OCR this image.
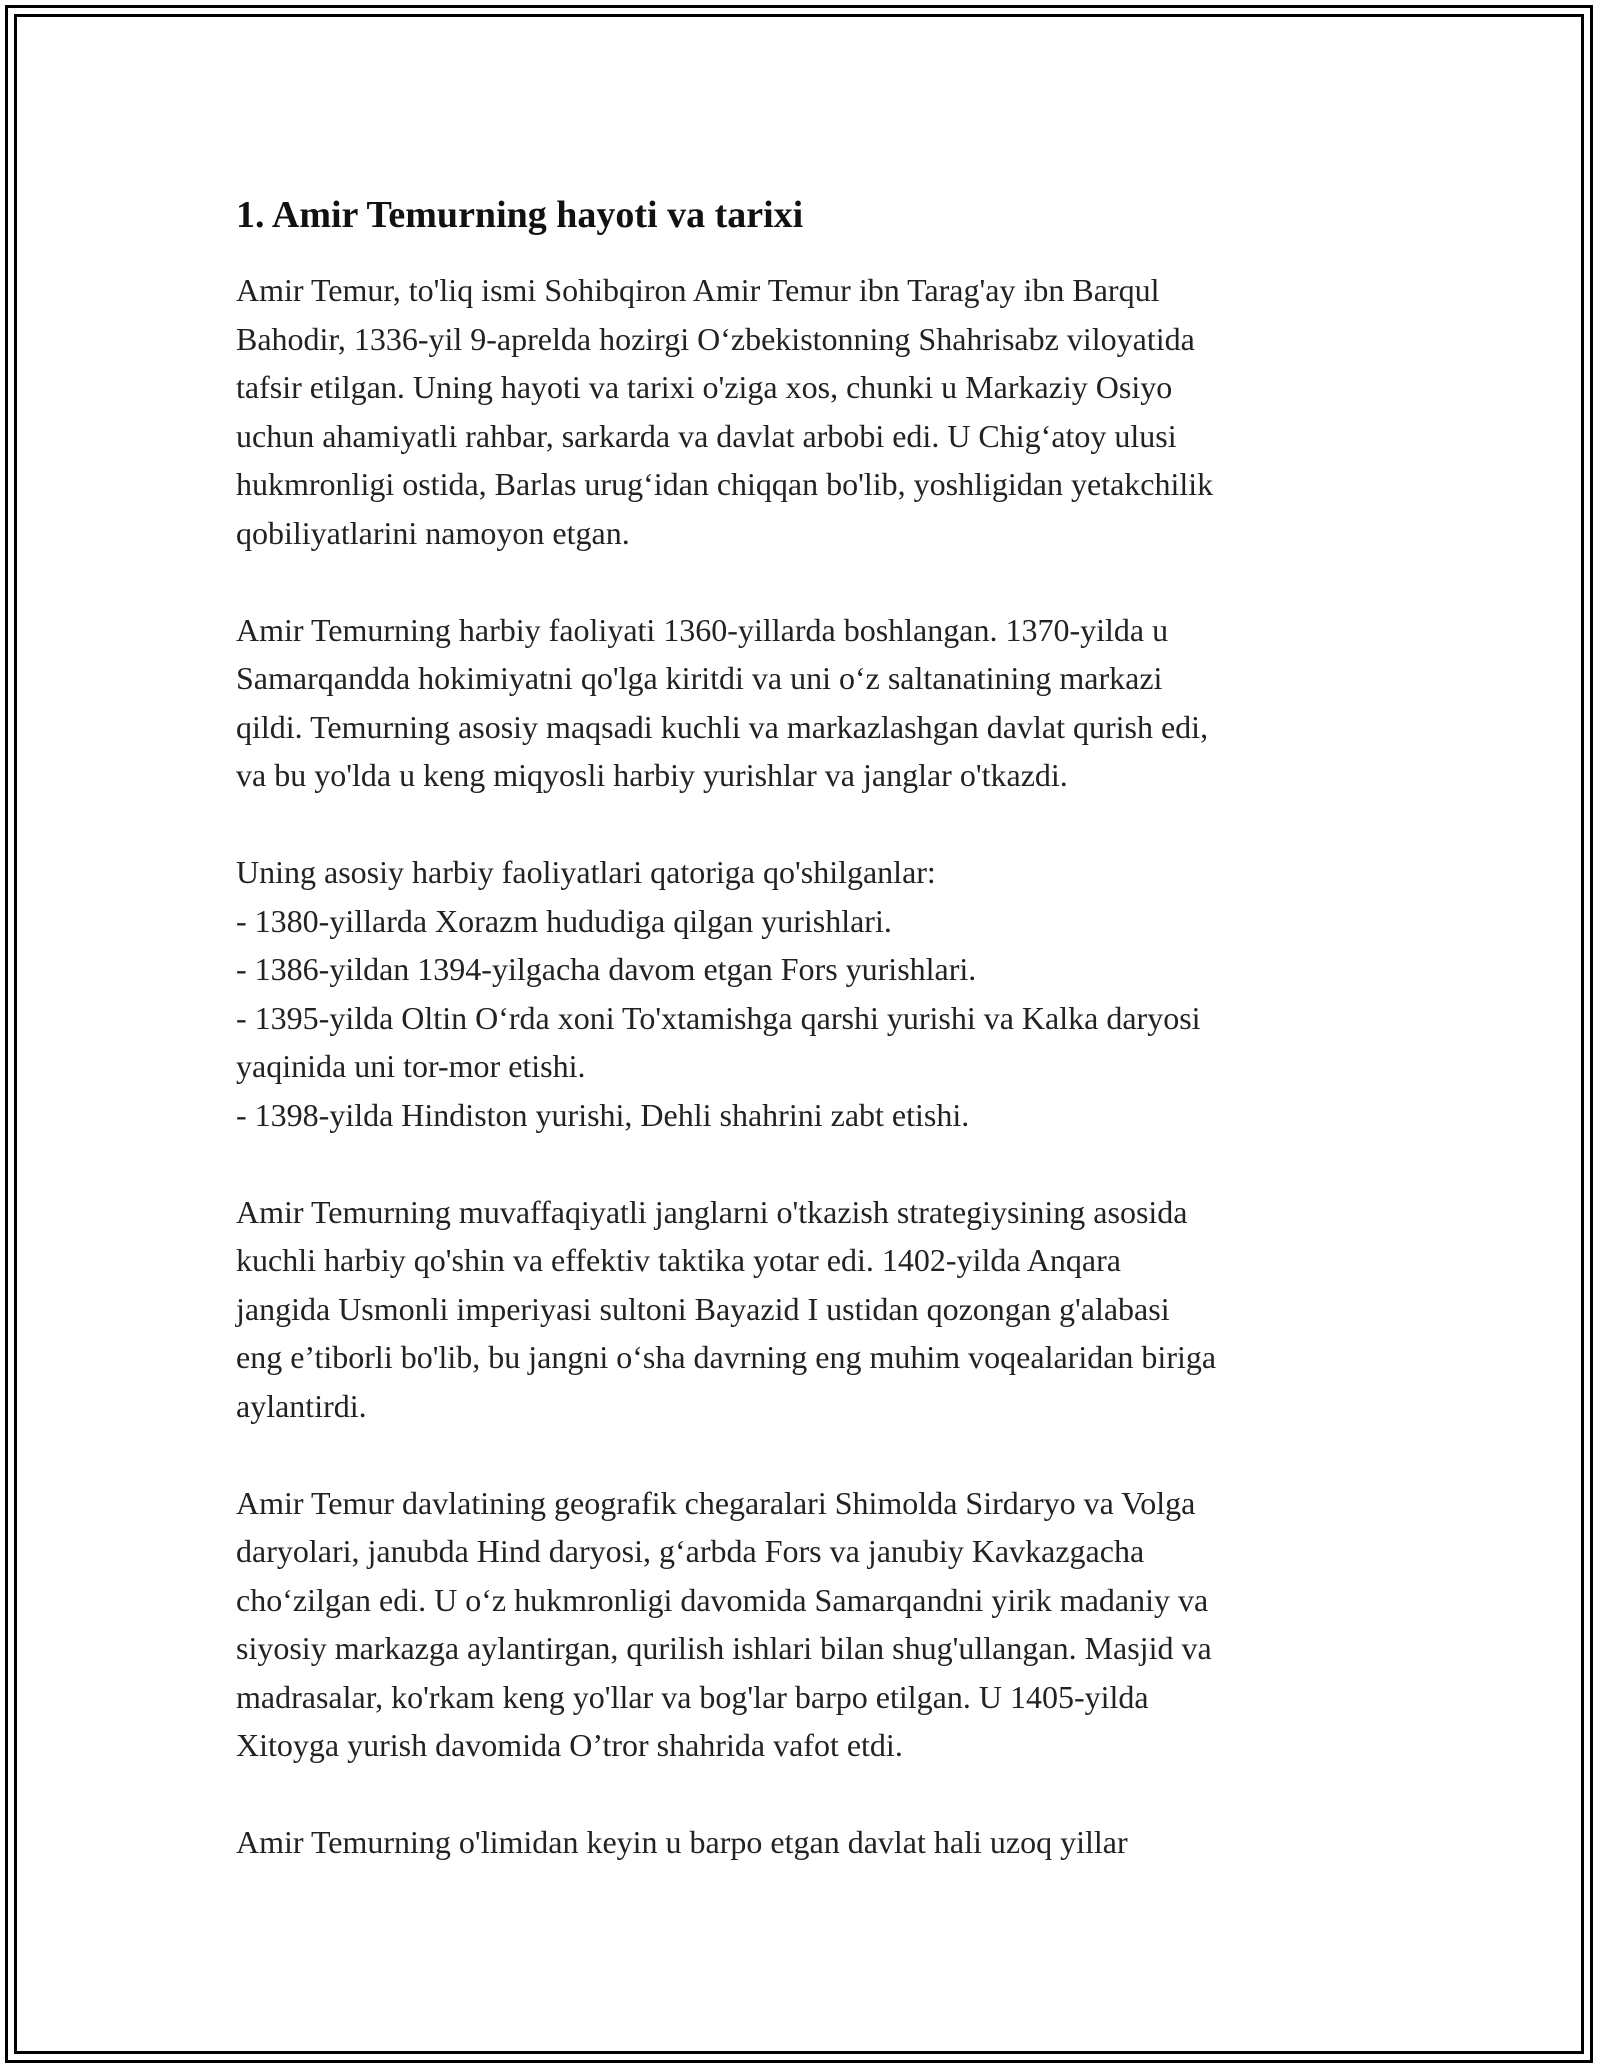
1. Amir Temurning hayoti va tarixi

Amir Temur, to'liq ismi Sohibqiron Amir Temur ibn Tarag'ay ibn Barqul
Bahodir, 1336-yil 9-aprelda hozirgi O‘zbekistonning Shahrisabz viloyatida
tafsir etilgan. Uning hayoti va tarixi o'ziga xos, chunki u Markaziy Osiyo
uchun ahamiyatli rahbar, sarkarda va davlat arbobi edi. U Chig‘atoy ulusi
hukmronligi ostida, Barlas urug‘idan chiqqan bo'lib, yoshligidan yetakchilik
qobiliyatlarini namoyon etgan.

Amir Temurning harbiy faoliyati 1360-yillarda boshlangan. 1370-yilda u
Samarqandda hokimiyatni qo'lga kiritdi va uni o‘z saltanatining markazi
qildi. Temurning asosiy maqsadi kuchli va markazlashgan davlat qurish edi,
va bu yo'lda u keng miqyosli harbiy yurishlar va janglar o'tkazdi.

Uning asosiy harbiy faoliyatlari qatoriga qo'shilganlar:
- 1380-yillarda Xorazm hududiga qilgan yurishlari.
- 1386-yildan 1394-yilgacha davom etgan Fors yurishlari.
- 1395-yilda Oltin O‘rda xoni To'xtamishga qarshi yurishi va Kalka daryosi
yaqinida uni tor-mor etishi.
- 1398-yilda Hindiston yurishi, Dehli shahrini zabt etishi.

Amir Temurning muvaffaqiyatli janglarni o'tkazish strategiysining asosida
kuchli harbiy qo'shin va effektiv taktika yotar edi. 1402-yilda Anqara
jangida Usmonli imperiyasi sultoni Bayazid I ustidan qozongan g'alabasi
eng e’tiborli bo'lib, bu jangni o‘sha davrning eng muhim voqealaridan biriga
aylantirdi.

Amir Temur davlatining geografik chegaralari Shimolda Sirdaryo va Volga
daryolari, janubda Hind daryosi, g‘arbda Fors va janubiy Kavkazgacha
cho‘zilgan edi. U o‘z hukmronligi davomida Samarqandni yirik madaniy va
siyosiy markazga aylantirgan, qurilish ishlari bilan shug'ullangan. Masjid va
madrasalar, ko'rkam keng yo'llar va bog'lar barpo etilgan. U 1405-yilda
Xitoyga yurish davomida O’tror shahrida vafot etdi.

Amir Temurning o'limidan keyin u barpo etgan davlat hali uzoq yillar
